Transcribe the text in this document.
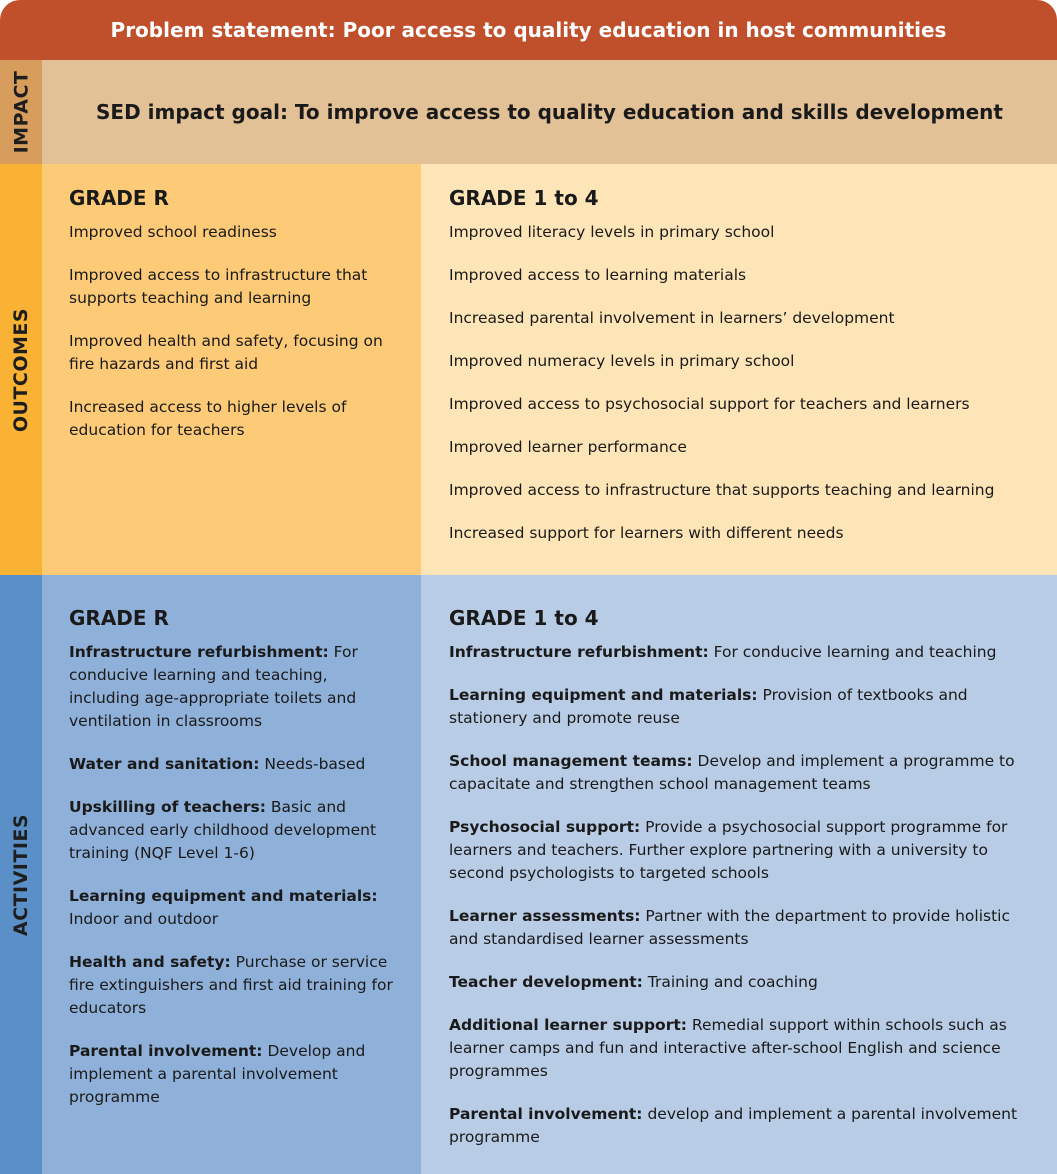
Problem statement: Poor access to quality education in host communities
IMPACT	SED impact goal: To improve access to quality education and skills development
OUTCOMES
GRADE R
Improved school readiness
Improved access to infrastructure that supports teaching and learning
Improved health and safety, focusing on fire hazards and first aid
Increased access to higher levels of education for teachers
GRADE 1 to 4
Improved literacy levels in primary school
Improved access to learning materials
Increased parental involvement in learners’ development
Improved numeracy levels in primary school
Improved access to psychosocial support for teachers and learners
Improved learner performance
Improved access to infrastructure that supports teaching and learning
Increased support for learners with different needs
ACTIVITIES
GRADE R
Infrastructure refurbishment: For conducive learning and teaching, including age-appropriate toilets and ventilation in classrooms
Water and sanitation: Needs-based
Upskilling of teachers: Basic and advanced early childhood development training (NQF Level 1-6)
Learning equipment and materials: Indoor and outdoor
Health and safety: Purchase or service fire extinguishers and first aid training for educators
Parental involvement: Develop and implement a parental involvement programme
GRADE 1 to 4
Infrastructure refurbishment: For conducive learning and teaching
Learning equipment and materials: Provision of textbooks and stationery and promote reuse
School management teams: Develop and implement a programme to capacitate and strengthen school management teams
Psychosocial support: Provide a psychosocial support programme for learners and teachers. Further explore partnering with a university to second psychologists to targeted schools
Learner assessments: Partner with the department to provide holistic and standardised learner assessments
Teacher development: Training and coaching
Additional learner support: Remedial support within schools such as learner camps and fun and interactive after-school English and science programmes
Parental involvement: develop and implement a parental involvement programme
